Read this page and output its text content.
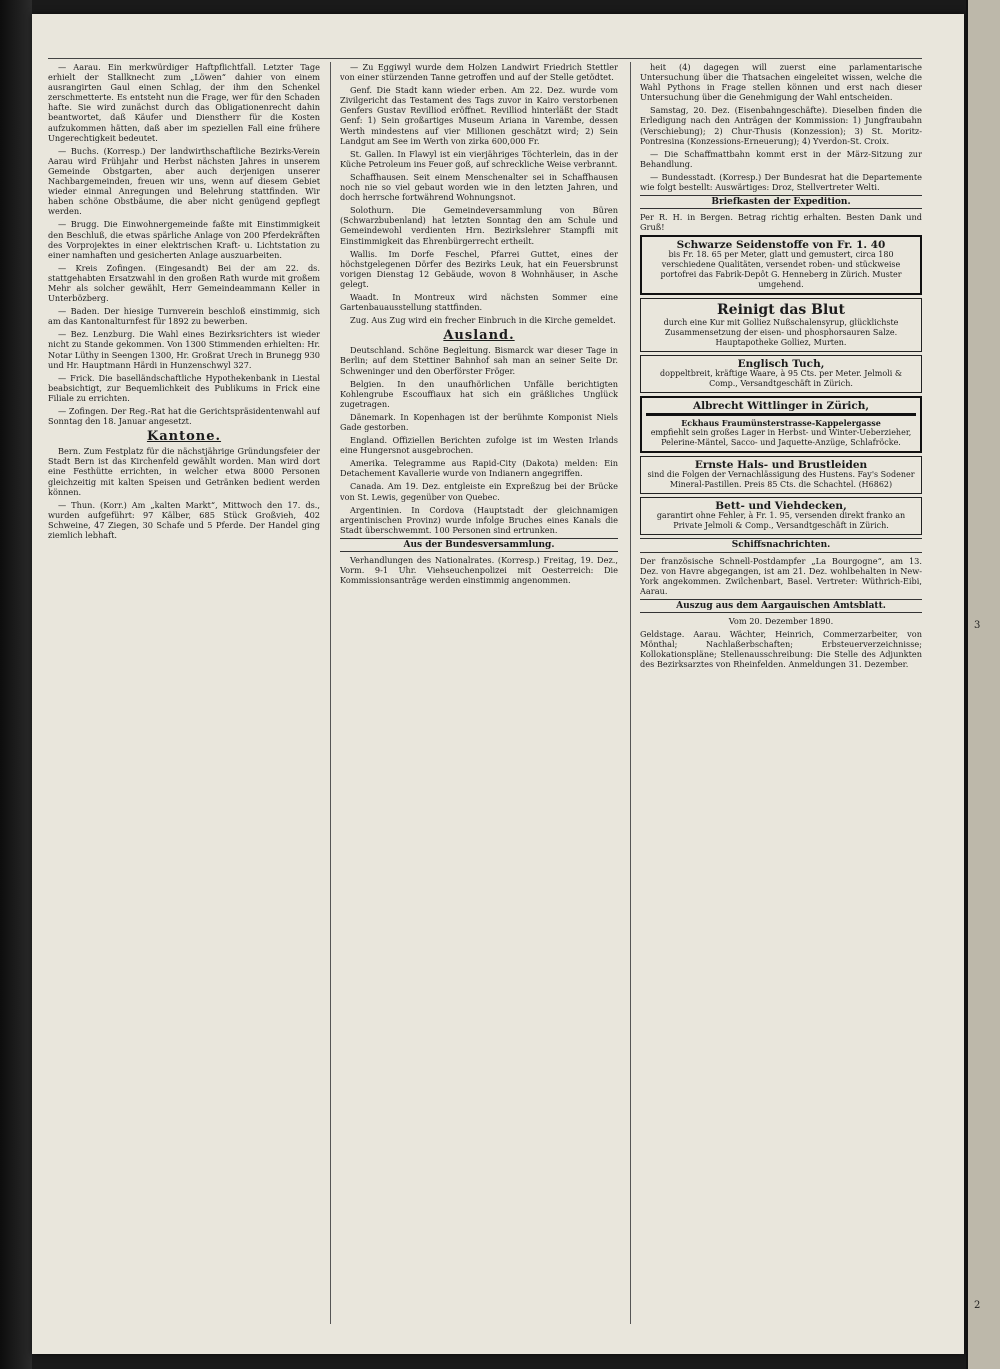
— Aarau. Ein merkwürdiger Haftpflichtfall. Letzter Tage erhielt der Stallknecht zum „Löwen“ dahier von einem ausrangirten Gaul einen Schlag, der ihm den Schenkel zerschmetterte. Es entsteht nun die Frage, wer für den Schaden hafte. Sie wird zunächst durch das Obligationenrecht dahin beantwortet, daß Käufer und Dienstherr für die Kosten aufzukommen hätten, daß aber im speziellen Fall eine frühere Ungerechtigkeit bedeutet.

— Buchs. (Korresp.) Der landwirthschaftliche Bezirks-Verein Aarau wird Frühjahr und Herbst nächsten Jahres in unserem Gemeinde Obstgarten, aber auch derjenigen unserer Nachbargemeinden, freuen wir uns, wenn auf diesem Gebiet wieder einmal Anregungen und Belehrung stattfinden. Wir haben schöne Obstbäume, die aber nicht genügend gepflegt werden.

— Brugg. Die Einwohnergemeinde faßte mit Einstimmigkeit den Beschluß, die etwas spärliche Anlage von 200 Pferdekräften des Vorprojektes in einer elektrischen Kraft- u. Lichtstation zu einer namhaften und gesicherten Anlage auszuarbeiten.

— Kreis Zofingen. (Eingesandt) Bei der am 22. ds. stattgehabten Ersatzwahl in den großen Rath wurde mit großem Mehr als solcher gewählt, Herr Gemeindeammann Keller in Unterbözberg.

— Baden. Der hiesige Turnverein beschloß einstimmig, sich am das Kantonalturnfest für 1892 zu bewerben.

— Bez. Lenzburg. Die Wahl eines Bezirksrichters ist wieder nicht zu Stande gekommen. Von 1300 Stimmenden erhielten: Hr. Notar Lüthy in Seengen 1300, Hr. Großrat Urech in Brunegg 930 und Hr. Hauptmann Härdi in Hunzenschwyl 327.

— Frick. Die baselländschaftliche Hypothekenbank in Liestal beabsichtigt, zur Bequemlichkeit des Publikums in Frick eine Filiale zu errichten.

— Zofingen. Der Reg.-Rat hat die Gerichtspräsidentenwahl auf Sonntag den 18. Januar angesetzt.

Kantone.

Bern. Zum Festplatz für die nächstjährige Gründungsfeier der Stadt Bern ist das Kirchenfeld gewählt worden. Man wird dort eine Festhütte errichten, in welcher etwa 8000 Personen gleichzeitig mit kalten Speisen und Getränken bedient werden können.

— Thun. (Korr.) Am „kalten Markt“, Mittwoch den 17. ds., wurden aufgeführt: 97 Kälber, 685 Stück Großvieh, 402 Schweine, 47 Ziegen, 30 Schafe und 5 Pferde. Der Handel ging ziemlich lebhaft.

— Zu Eggiwyl wurde dem Holzen Landwirt Friedrich Stettler von einer stürzenden Tanne getroffen und auf der Stelle getödtet.

Genf. Die Stadt kann wieder erben. Am 22. Dez. wurde vom Zivilgericht das Testament des Tags zuvor in Kairo verstorbenen Genfers Gustav Revilliod eröffnet. Revilliod hinterläßt der Stadt Genf: 1) Sein großartiges Museum Ariana in Varembe, dessen Werth mindestens auf vier Millionen geschätzt wird; 2) Sein Landgut am See im Werth von zirka 600,000 Fr.

St. Gallen. In Flawyl ist ein vierjähriges Töchterlein, das in der Küche Petroleum ins Feuer goß, auf schreckliche Weise verbrannt.

Schaffhausen. Seit einem Menschenalter sei in Schaffhausen noch nie so viel gebaut worden wie in den letzten Jahren, und doch herrsche fortwährend Wohnungsnot.

Solothurn. Die Gemeindeversammlung von Büren (Schwarzbubenland) hat letzten Sonntag den am Schule und Gemeindewohl verdienten Hrn. Bezirkslehrer Stampfli mit Einstimmigkeit das Ehrenbürgerrecht ertheilt.

Wallis. Im Dorfe Feschel, Pfarrei Guttet, eines der höchstgelegenen Dörfer des Bezirks Leuk, hat ein Feuersbrunst vorigen Dienstag 12 Gebäude, wovon 8 Wohnhäuser, in Asche gelegt.

Waadt. In Montreux wird nächsten Sommer eine Gartenbauausstellung stattfinden.

Zug. Aus Zug wird ein frecher Einbruch in die Kirche gemeldet.

Ausland.

Deutschland. Schöne Begleitung. Bismarck war dieser Tage in Berlin; auf dem Stettiner Bahnhof sah man an seiner Seite Dr. Schweninger und den Oberförster Fröger.

Belgien. In den unaufhörlichen Unfälle berichtigten Kohlengrube Escouffiaux hat sich ein gräßliches Unglück zugetragen.

Dänemark. In Kopenhagen ist der berühmte Komponist Niels Gade gestorben.

England. Offiziellen Berichten zufolge ist im Westen Irlands eine Hungersnot ausgebrochen.

Amerika. Telegramme aus Rapid-City (Dakota) melden: Ein Detachement Kavallerie wurde von Indianern angegriffen.

Canada. Am 19. Dez. entgleiste ein Expreßzug bei der Brücke von St. Lewis, gegenüber von Quebec.

Argentinien. In Cordova (Hauptstadt der gleichnamigen argentinischen Provinz) wurde infolge Bruches eines Kanals die Stadt überschwemmt. 100 Personen sind ertrunken.

Aus der Bundesversammlung.

Verhandlungen des Nationalrates. (Korresp.) Freitag, 19. Dez., Vorm. 9-1 Uhr. Viehseuchenpolizei mit Oesterreich: Die Kommissionsanträge werden einstimmig angenommen.

heit (4) dagegen will zuerst eine parlamentarische Untersuchung über die Thatsachen eingeleitet wissen, welche die Wahl Pythons in Frage stellen können und erst nach dieser Untersuchung über die Genehmigung der Wahl entscheiden.

Samstag, 20. Dez. (Eisenbahngeschäfte). Dieselben finden die Erledigung nach den Anträgen der Kommission: 1) Jungfraubahn (Verschiebung); 2) Chur-Thusis (Konzession); 3) St. Moritz-Pontresina (Konzessions-Erneuerung); 4) Yverdon-St. Croix.

— Die Schaffmattbahn kommt erst in der März-Sitzung zur Behandlung.

— Bundesstadt. (Korresp.) Der Bundesrat hat die Departemente wie folgt bestellt: Auswärtiges: Droz, Stellvertreter Welti.

Briefkasten der Expedition.

Per R. H. in Bergen. Betrag richtig erhalten. Besten Dank und Gruß!

Schwarze Seidenstoffe von Fr. 1. 40
bis Fr. 18. 65 per Meter, glatt und gemustert, circa 180 verschiedene Qualitäten, versendet roben- und stückweise portofrei das Fabrik-Depôt G. Henneberg in Zürich. Muster umgehend.
Reinigt das Blut
durch eine Kur mit Golliez Nußschalensyrup, glücklichste Zusammensetzung der eisen- und phosphorsauren Salze. Hauptapotheke Golliez, Murten.
Englisch Tuch,
doppeltbreit, kräftige Waare, à 95 Cts. per Meter. Jelmoli & Comp., Versandtgeschäft in Zürich.
Albrecht Wittlinger in Zürich,
Eckhaus Fraumünsterstrasse-Kappelergasse
empfiehlt sein großes Lager in Herbst- und Winter-Ueberzieher, Pelerine-Mäntel, Sacco- und Jaquette-Anzüge, Schlafröcke.
Ernste Hals- und Brustleiden
sind die Folgen der Vernachlässigung des Hustens. Fay's Sodener Mineral-Pastillen. Preis 85 Cts. die Schachtel. (H6862)
Bett- und Viehdecken,
garantirt ohne Fehler, à Fr. 1. 95, versenden direkt franko an Private Jelmoli & Comp., Versandtgeschäft in Zürich.
Schiffsnachrichten.

Der französische Schnell-Postdampfer „La Bourgogne“, am 13. Dez. von Havre abgegangen, ist am 21. Dez. wohlbehalten in New-York angekommen. Zwilchenbart, Basel. Vertreter: Wüthrich-Eibi, Aarau.

Auszug aus dem Aargauischen Amtsblatt.

Vom 20. Dezember 1890.

Geldstage. Aarau. Wächter, Heinrich, Commerzarbeiter, von Mönthal; Nachlaßerbschaften; Erbsteuerverzeichnisse; Kollokationspläne; Stellenausschreibung: Die Stelle des Adjunkten des Bezirksarztes von Rheinfelden. Anmeldungen 31. Dezember.

3
2
